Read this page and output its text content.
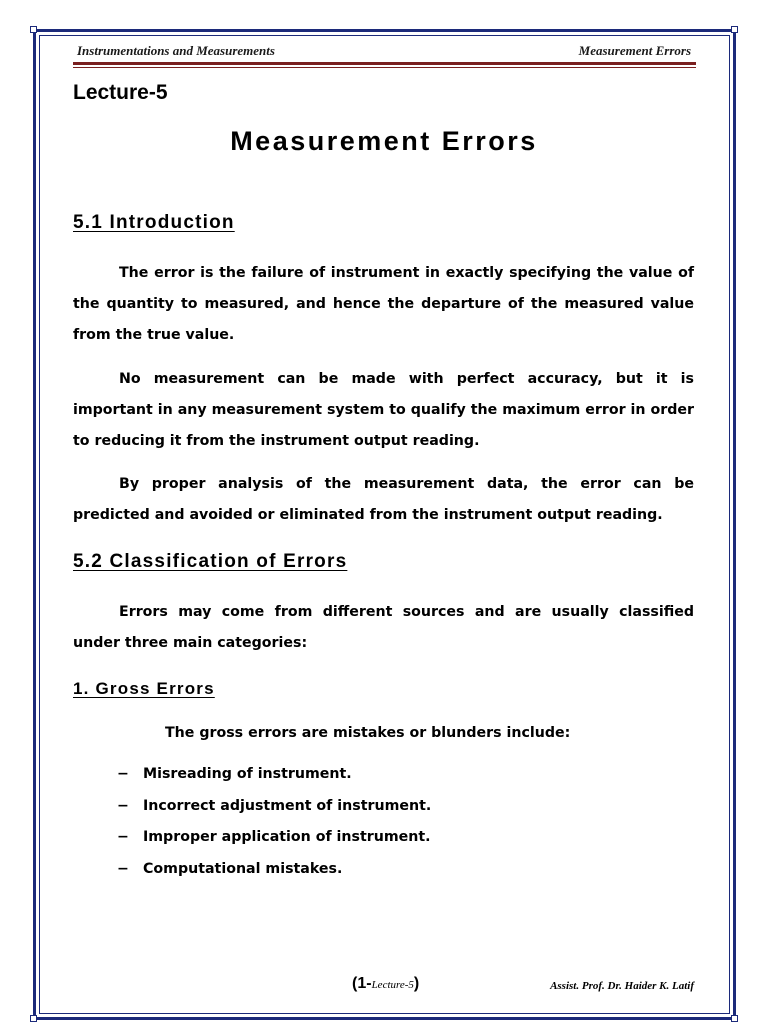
Instrumentations and Measurements	Measurement Errors
Lecture-5
Measurement Errors
5.1 Introduction

The error is the failure of instrument in exactly specifying the value of the quantity to measured, and hence the departure of the measured value from the true value.

No measurement can be made with perfect accuracy, but it is important in any measurement system to qualify the maximum error in order to reducing it from the instrument output reading.

By proper analysis of the measurement data, the error can be predicted and avoided or eliminated from the instrument output reading.

5.2 Classification of Errors

Errors may come from different sources and are usually classified under three main categories:

1. Gross Errors
The gross errors are mistakes or blunders include:
− Misreading of instrument.
− Incorrect adjustment of instrument.
− Improper application of instrument.
− Computational mistakes.
(1-Lecture-5)	Assist. Prof. Dr. Haider K. Latif
